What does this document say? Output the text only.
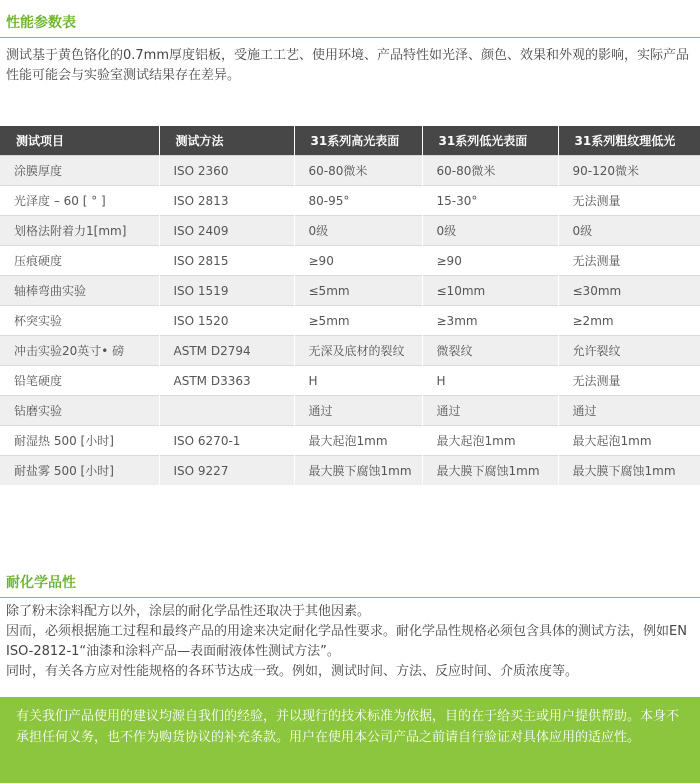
性能参数表
测试基于黄色铬化的0.7mm厚度铝板，受施工工艺、使用环境、产品特性如光泽、颜色、效果和外观的影响，实际产品性能可能会与实验室测试结果存在差异。
测试项目	测试方法	31系列高光表面	31系列低光表面	31系列粗纹理低光
涂膜厚度	ISO 2360	60-80微米	60-80微米	90-120微米
光泽度 – 60 [ ° ]	ISO 2813	80-95°	15-30°	无法测量
划格法附着力1[mm]	ISO 2409	0级	0级	0级
压痕硬度	ISO 2815	≥90	≥90	无法测量
轴棒弯曲实验	ISO 1519	≤5mm	≤10mm	≤30mm
杯突实验	ISO 1520	≥5mm	≥3mm	≥2mm
冲击实验20英寸• 磅	ASTM D2794	无深及底材的裂纹	微裂纹	允许裂纹
铅笔硬度	ASTM D3363	H	H	无法测量
钻磨实验		通过	通过	通过
耐湿热 500 [小时]	ISO 6270-1	最大起泡1mm	最大起泡1mm	最大起泡1mm
耐盐雾 500 [小时]	ISO 9227	最大膜下腐蚀1mm	最大膜下腐蚀1mm	最大膜下腐蚀1mm
耐化学品性
除了粉末涂料配方以外，涂层的耐化学品性还取决于其他因素。
因而，必须根据施工过程和最终产品的用途来决定耐化学品性要求。耐化学品性规格必须包含具体的测试方法，例如EN ISO-2812-1“油漆和涂料产品—表面耐液体性测试方法”。
同时，有关各方应对性能规格的各环节达成一致。例如，测试时间、方法、反应时间、介质浓度等。

有关我们产品使用的建议均源自我们的经验，并以现行的技术标准为依据，目的在于给买主或用户提供帮助。本身不承担任何义务，也不作为购货协议的补充条款。用户在使用本公司产品之前请自行验证对具体应用的适应性。
